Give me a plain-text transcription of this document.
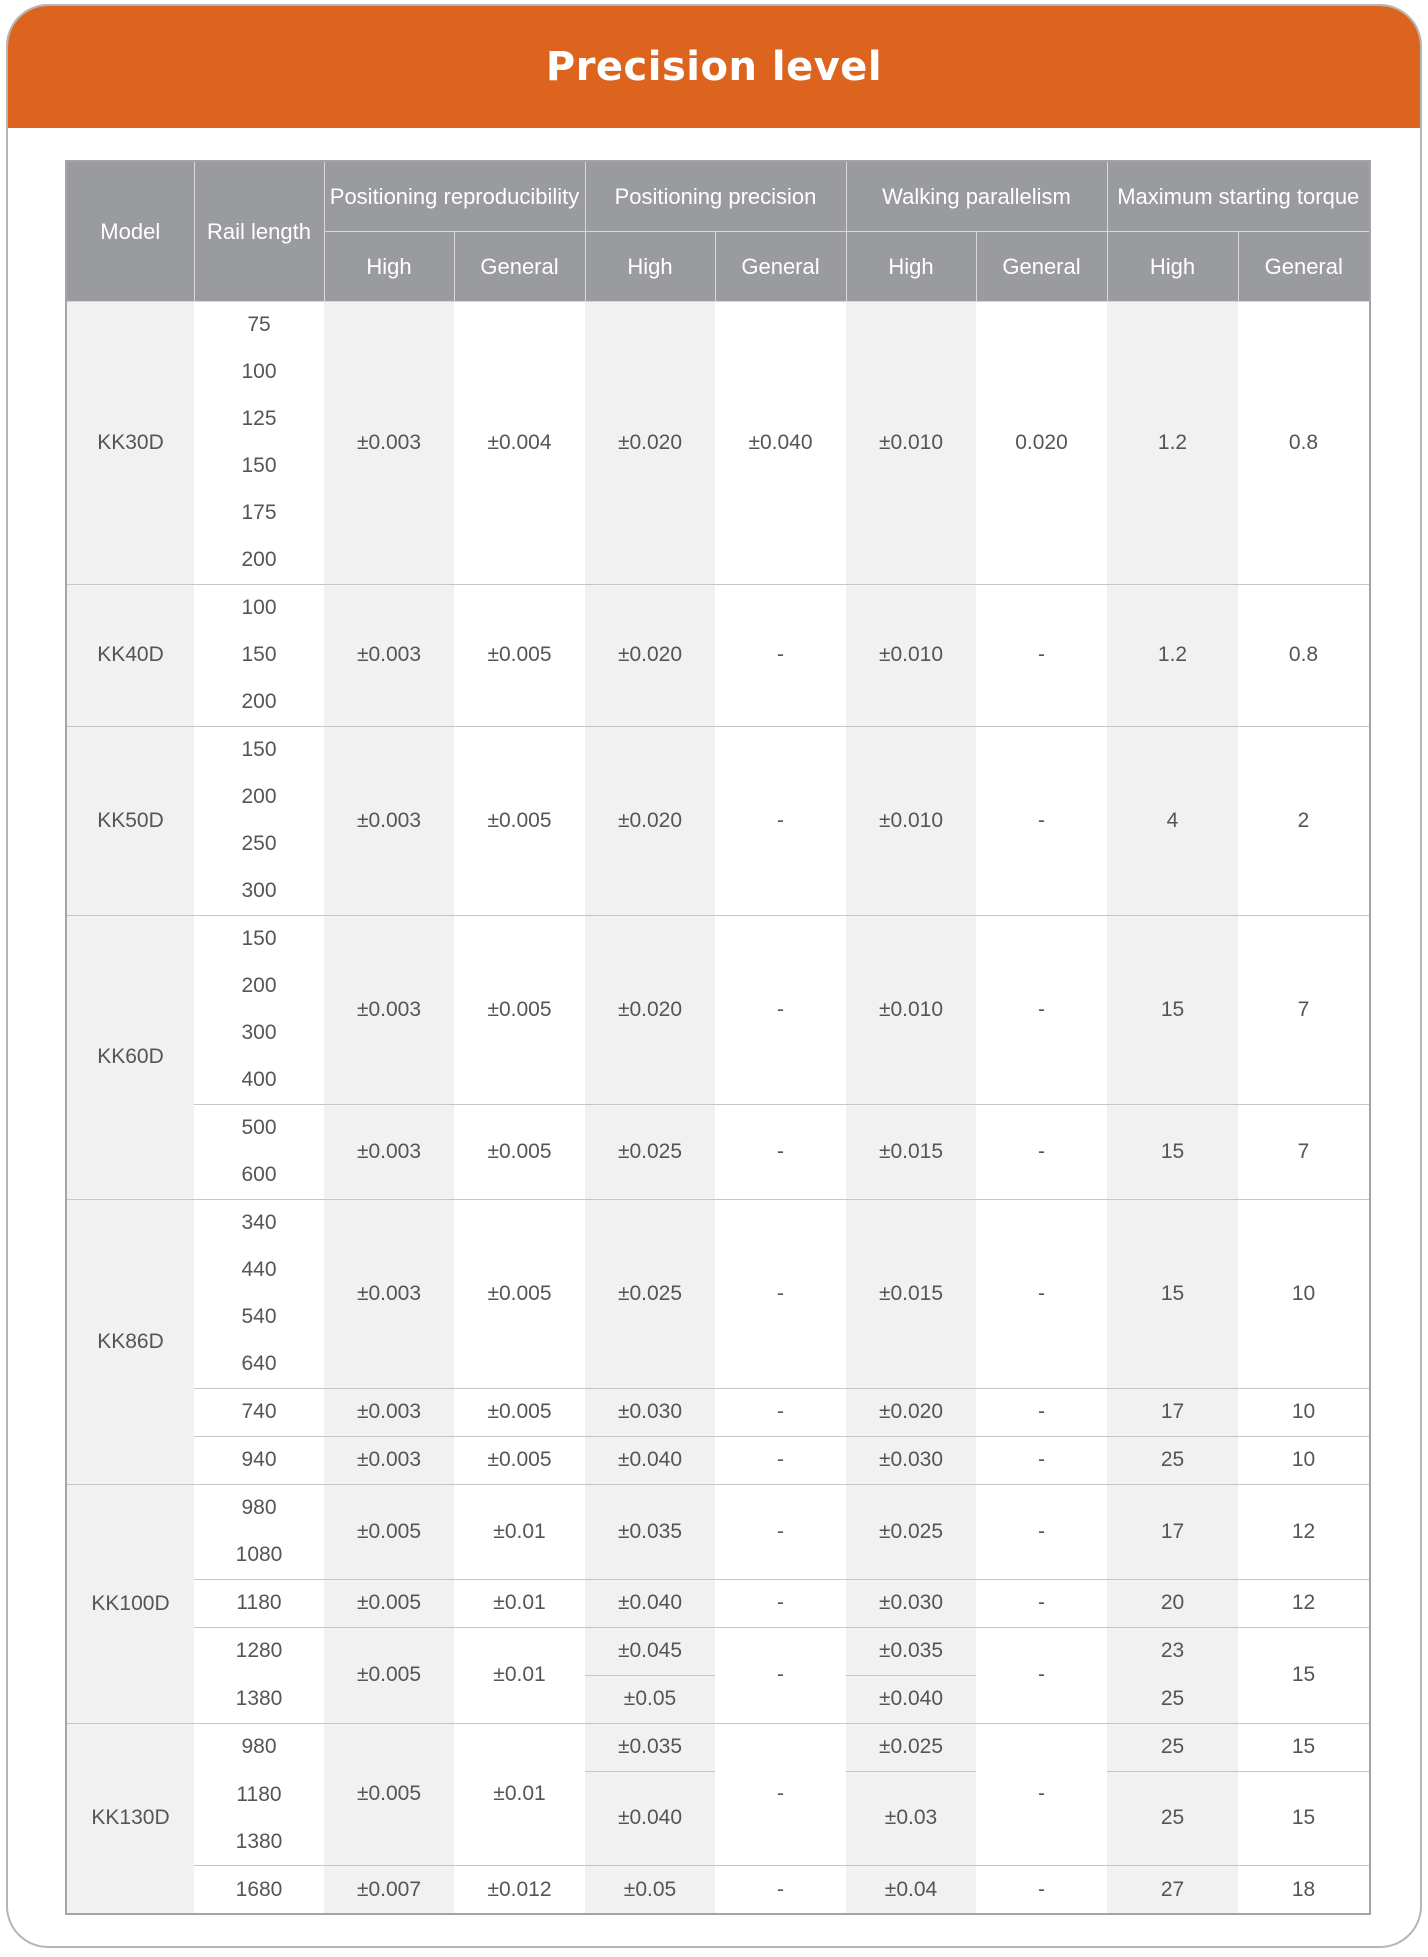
Precision level
Model	Rail length	Positioning reproducibility		Positioning precision		Walking parallelism		Maximum starting torque	
		High	General	High	General	High	General	High	General
KK30D	75	±0.003	±0.004	±0.020	±0.040	±0.010	0.020	1.2	0.8
	100								
	125								
	150								
	175								
	200								
KK40D	100	±0.003	±0.005	±0.020	-	±0.010	-	1.2	0.8
	150								
	200								
KK50D	150	±0.003	±0.005	±0.020	-	±0.010	-	4	2
	200								
	250								
	300								
KK60D	150	±0.003	±0.005	±0.020	-	±0.010	-	15	7
	200								
	300								
	400								
	500	±0.003	±0.005	±0.025	-	±0.015	-	15	7
	600								
KK86D	340	±0.003	±0.005	±0.025	-	±0.015	-	15	10
	440								
	540								
	640								
	740	±0.003	±0.005	±0.030	-	±0.020	-	17	10
	940	±0.003	±0.005	±0.040	-	±0.030	-	25	10
KK100D	980	±0.005	±0.01	±0.035	-	±0.025	-	17	12
	1080								
	1180	±0.005	±0.01	±0.040	-	±0.030	-	20	12
	1280	±0.005	±0.01	±0.045	-	±0.035	-	23	15
	1380			±0.05		±0.040		25	
KK130D	980	±0.005	±0.01	±0.035	-	±0.025	-	25	15
	1180			±0.040		±0.03		25	15
	1380								
	1680	±0.007	±0.012	±0.05	-	±0.04	-	27	18
